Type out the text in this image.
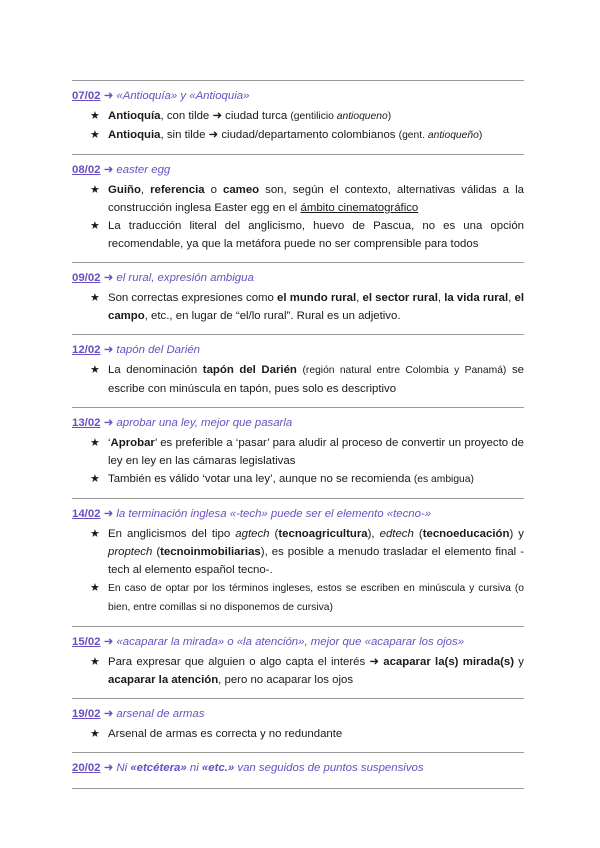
07/02 ➜ «Antioquía» y «Antioquia»
★ Antioquía, con tilde ➜ ciudad turca (gentilicio antioqueno)
★ Antioquia, sin tilde ➜ ciudad/departamento colombianos (gent. antioqueño)
08/02 ➜ easter egg
★ Guiño, referencia o cameo son, según el contexto, alternativas válidas a la construcción inglesa Easter egg en el ámbito cinematográfico
★ La traducción literal del anglicismo, huevo de Pascua, no es una opción recomendable, ya que la metáfora puede no ser comprensible para todos
09/02 ➜ el rural, expresión ambigua
★ Son correctas expresiones como el mundo rural, el sector rural, la vida rural, el campo, etc., en lugar de “el/lo rural”. Rural es un adjetivo.
12/02 ➜ tapón del Darién
★ La denominación tapón del Darién (región natural entre Colombia y Panamá) se escribe con minúscula en tapón, pues solo es descriptivo
13/02 ➜ aprobar una ley, mejor que pasarla
★ ‘Aprobar’ es preferible a ‘pasar’ para aludir al proceso de convertir un proyecto de ley en ley en las cámaras legislativas
★ También es válido ‘votar una ley’, aunque no se recomienda (es ambigua)
14/02 ➜ la terminación inglesa «-tech» puede ser el elemento «tecno-»
★ En anglicismos del tipo agtech (tecnoagricultura), edtech (tecnoeducación) y proptech (tecnoinmobiliarias), es posible a menudo trasladar el elemento final -tech al elemento español tecno-.
★ En caso de optar por los términos ingleses, estos se escriben en minúscula y cursiva (o bien, entre comillas si no disponemos de cursiva)
15/02 ➜ «acaparar la mirada» o «la atención», mejor que «acaparar los ojos»
★ Para expresar que alguien o algo capta el interés ➜ acaparar la(s) mirada(s) y acaparar la atención, pero no acaparar los ojos
19/02 ➜ arsenal de armas
★ Arsenal de armas es correcta y no redundante
20/02 ➜ Ni «etcétera» ni «etc.» van seguidos de puntos suspensivos
